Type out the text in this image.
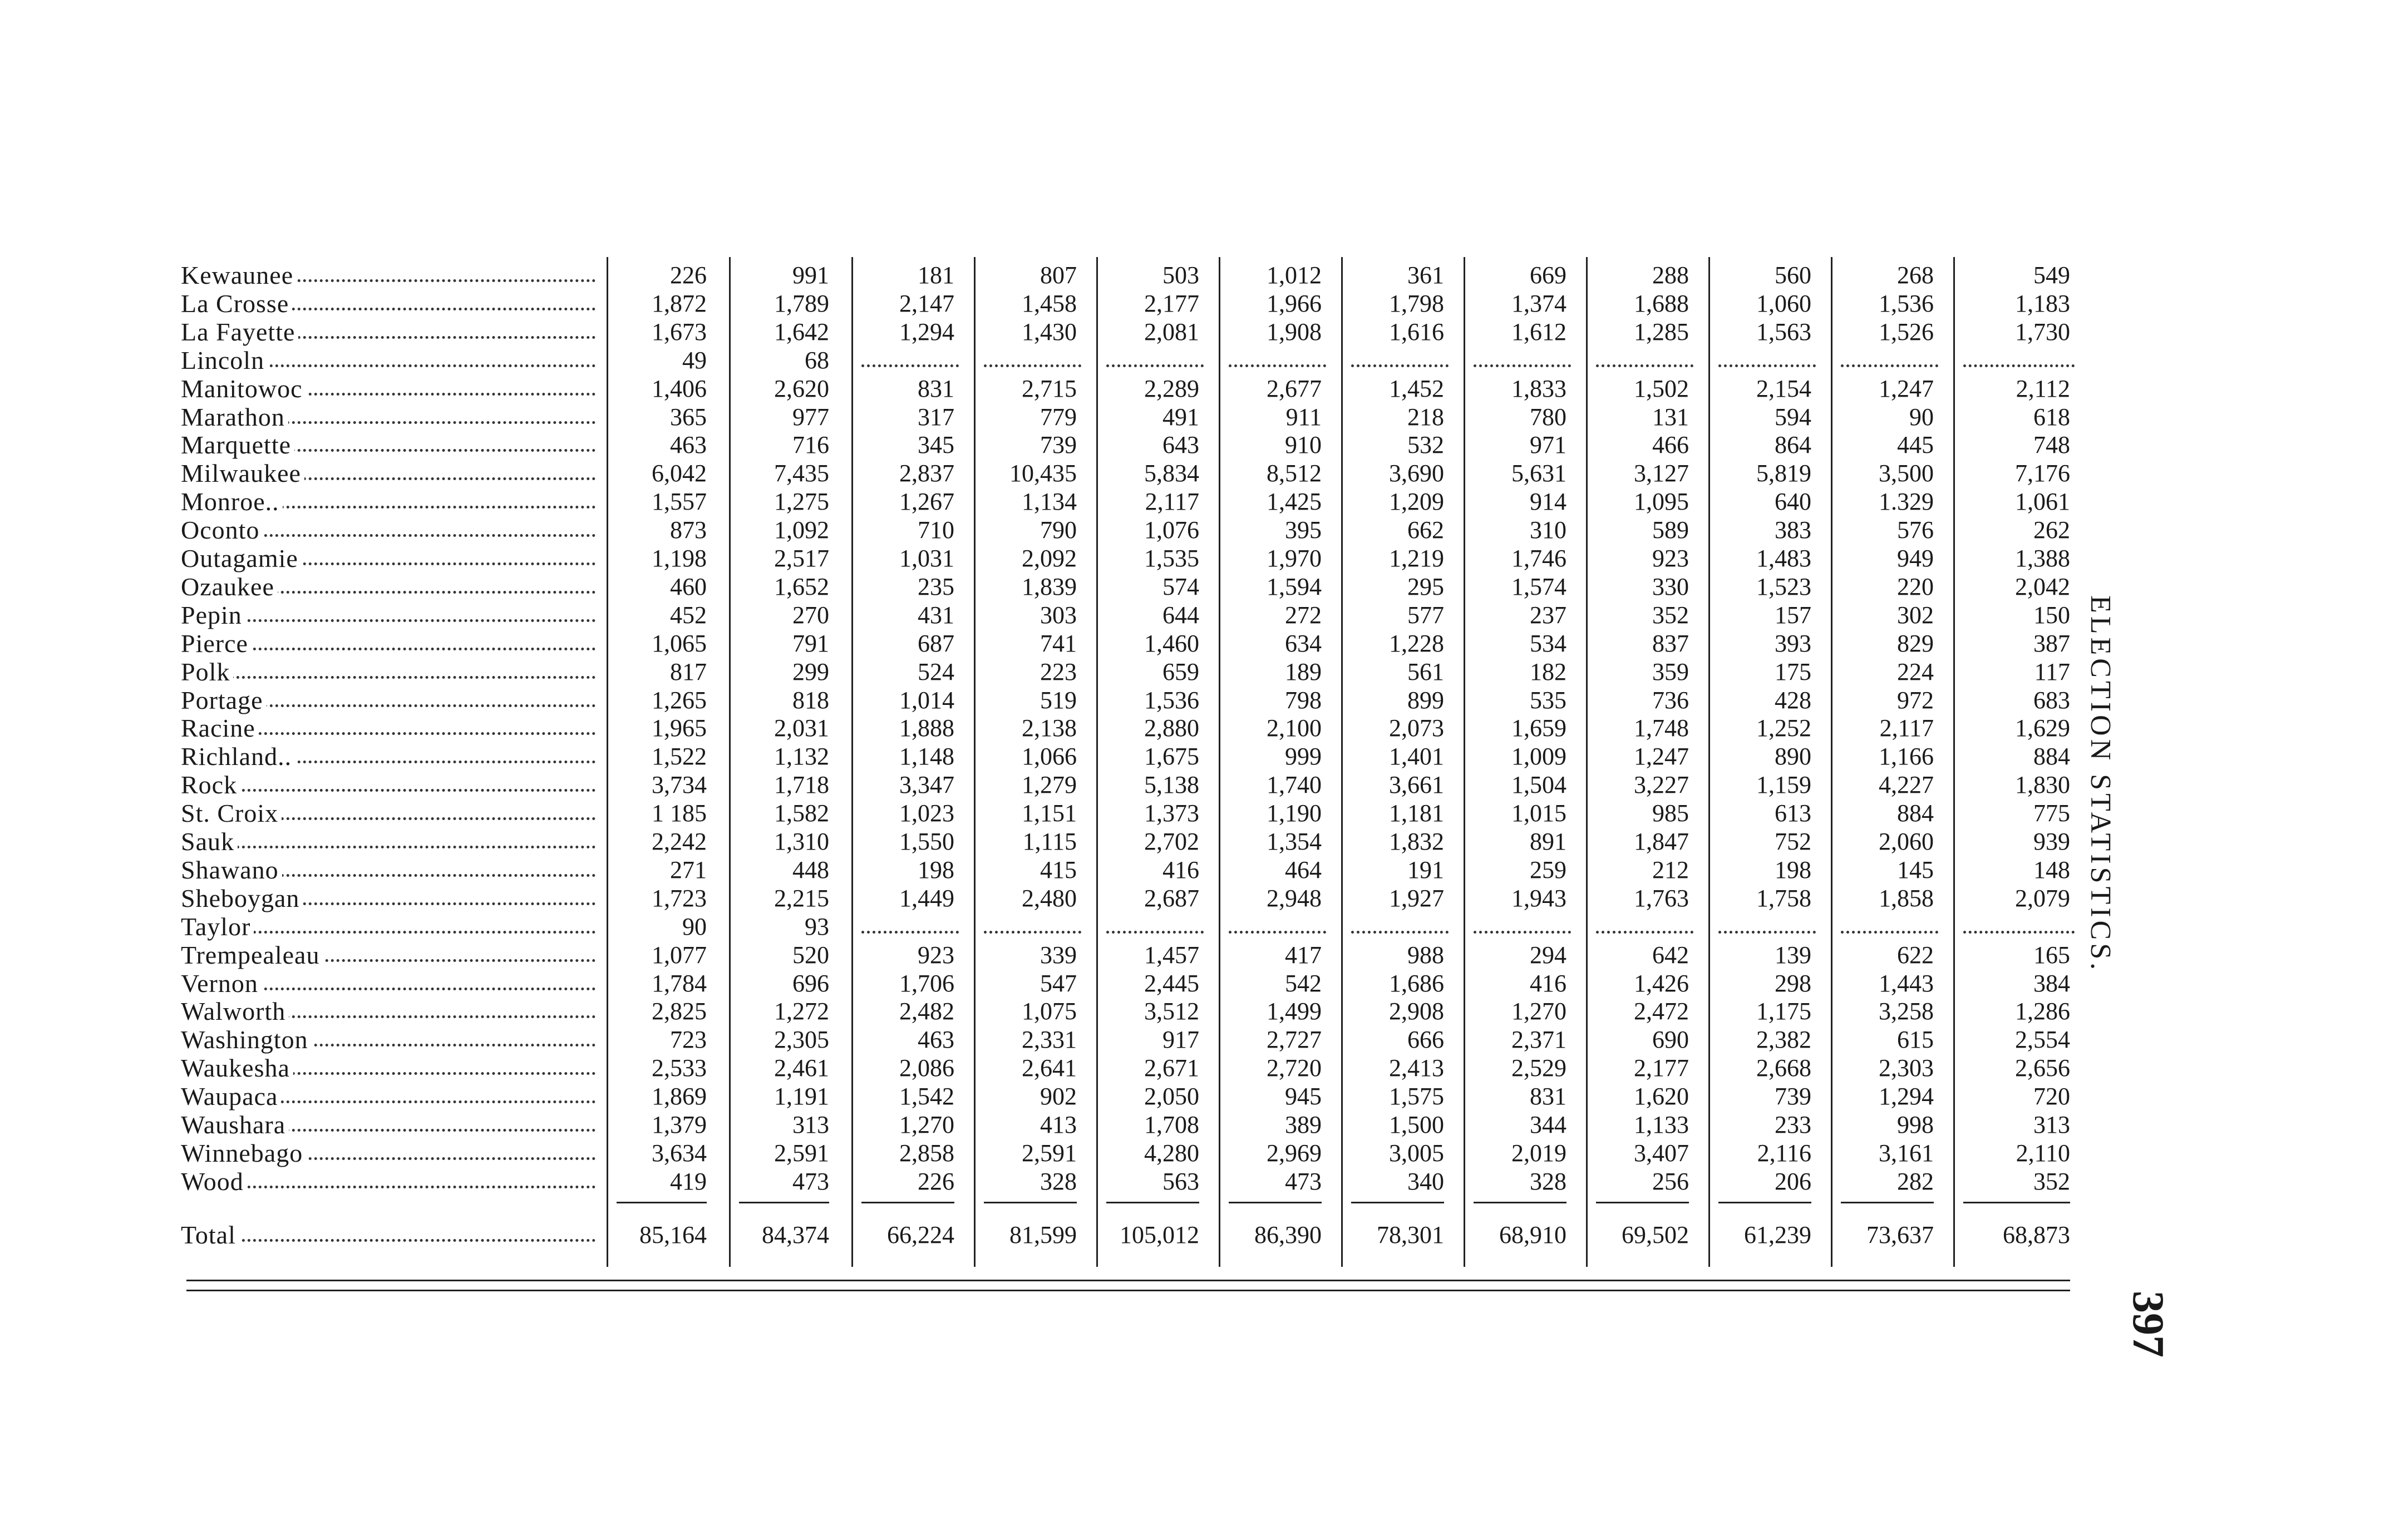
Kewaunee	226	991	181	807	503	1,012	361	669	288	560	268	549
La Crosse	1,872	1,789	2,147	1,458	2,177	1,966	1,798	1,374	1,688	1,060	1,536	1,183
La Fayette	1,673	1,642	1,294	1,430	2,081	1,908	1,616	1,612	1,285	1,563	1,526	1,730
Lincoln	49	68
Manitowoc	1,406	2,620	831	2,715	2,289	2,677	1,452	1,833	1,502	2,154	1,247	2,112
Marathon	365	977	317	779	491	911	218	780	131	594	90	618
Marquette	463	716	345	739	643	910	532	971	466	864	445	748
Milwaukee	6,042	7,435	2,837	10,435	5,834	8,512	3,690	5,631	3,127	5,819	3,500	7,176
Monroe..	1,557	1,275	1,267	1,134	2,117	1,425	1,209	914	1,095	640	1.329	1,061
Oconto	873	1,092	710	790	1,076	395	662	310	589	383	576	262
Outagamie	1,198	2,517	1,031	2,092	1,535	1,970	1,219	1,746	923	1,483	949	1,388
Ozaukee	460	1,652	235	1,839	574	1,594	295	1,574	330	1,523	220	2,042
Pepin	452	270	431	303	644	272	577	237	352	157	302	150
Pierce	1,065	791	687	741	1,460	634	1,228	534	837	393	829	387
Polk	817	299	524	223	659	189	561	182	359	175	224	117
Portage	1,265	818	1,014	519	1,536	798	899	535	736	428	972	683
Racine	1,965	2,031	1,888	2,138	2,880	2,100	2,073	1,659	1,748	1,252	2,117	1,629
Richland..	1,522	1,132	1,148	1,066	1,675	999	1,401	1,009	1,247	890	1,166	884
Rock	3,734	1,718	3,347	1,279	5,138	1,740	3,661	1,504	3,227	1,159	4,227	1,830
St. Croix	1 185	1,582	1,023	1,151	1,373	1,190	1,181	1,015	985	613	884	775
Sauk	2,242	1,310	1,550	1,115	2,702	1,354	1,832	891	1,847	752	2,060	939
Shawano	271	448	198	415	416	464	191	259	212	198	145	148
Sheboygan	1,723	2,215	1,449	2,480	2,687	2,948	1,927	1,943	1,763	1,758	1,858	2,079
Taylor	90	93
Trempealeau	1,077	520	923	339	1,457	417	988	294	642	139	622	165
Vernon	1,784	696	1,706	547	2,445	542	1,686	416	1,426	298	1,443	384
Walworth	2,825	1,272	2,482	1,075	3,512	1,499	2,908	1,270	2,472	1,175	3,258	1,286
Washington	723	2,305	463	2,331	917	2,727	666	2,371	690	2,382	615	2,554
Waukesha	2,533	2,461	2,086	2,641	2,671	2,720	2,413	2,529	2,177	2,668	2,303	2,656
Waupaca	1,869	1,191	1,542	902	2,050	945	1,575	831	1,620	739	1,294	720
Waushara	1,379	313	1,270	413	1,708	389	1,500	344	1,133	233	998	313
Winnebago	3,634	2,591	2,858	2,591	4,280	2,969	3,005	2,019	3,407	2,116	3,161	2,110
Wood	419	473	226	328	563	473	340	328	256	206	282	352
Total	85,164	84,374	66,224	81,599	105,012	86,390	78,301	68,910	69,502	61,239	73,637	68,873
ELECTION STATISTICS.
397
